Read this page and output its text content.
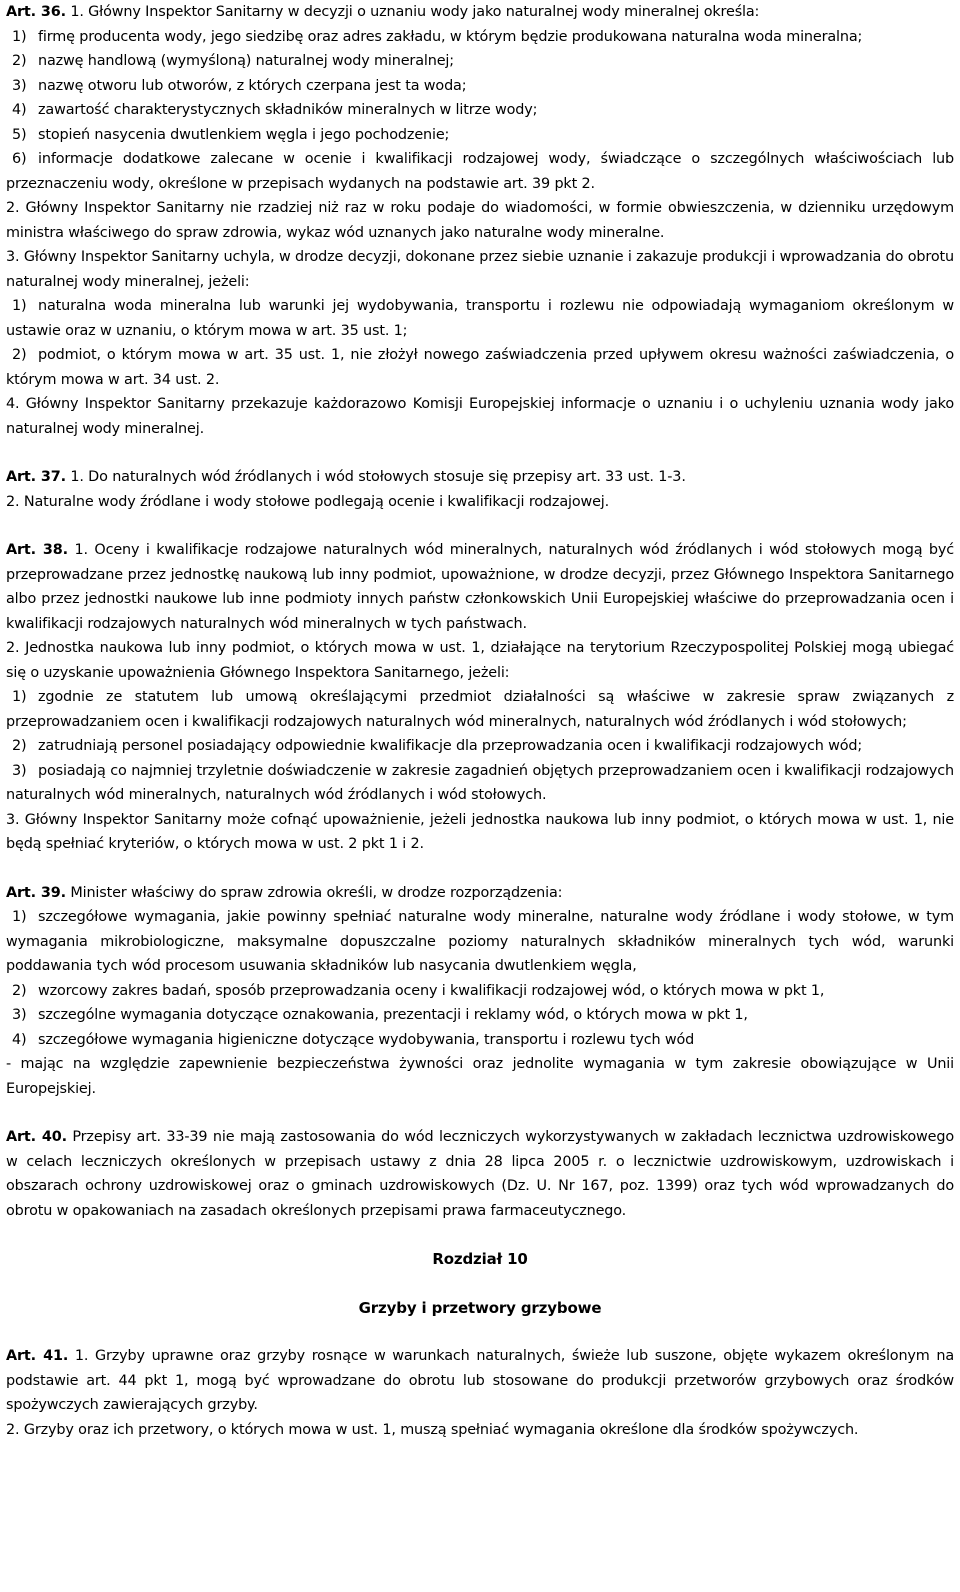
Art. 36. 1. Główny Inspektor Sanitarny w decyzji o uznaniu wody jako naturalnej wody mineralnej określa:

1) firmę producenta wody, jego siedzibę oraz adres zakładu, w którym będzie produkowana naturalna woda mineralna;

2) nazwę handlową (wymyśloną) naturalnej wody mineralnej;

3) nazwę otworu lub otworów, z których czerpana jest ta woda;

4) zawartość charakterystycznych składników mineralnych w litrze wody;

5) stopień nasycenia dwutlenkiem węgla i jego pochodzenie;

6) informacje dodatkowe zalecane w ocenie i kwalifikacji rodzajowej wody, świadczące o szczególnych właściwościach lub przeznaczeniu wody, określone w przepisach wydanych na podstawie art. 39 pkt 2.

2. Główny Inspektor Sanitarny nie rzadziej niż raz w roku podaje do wiadomości, w formie obwieszczenia, w dzienniku urzędowym ministra właściwego do spraw zdrowia, wykaz wód uznanych jako naturalne wody mineralne.

3. Główny Inspektor Sanitarny uchyla, w drodze decyzji, dokonane przez siebie uznanie i zakazuje produkcji i wprowadzania do obrotu naturalnej wody mineralnej, jeżeli:

1) naturalna woda mineralna lub warunki jej wydobywania, transportu i rozlewu nie odpowiadają wymaganiom określonym w ustawie oraz w uznaniu, o którym mowa w art. 35 ust. 1;

2) podmiot, o którym mowa w art. 35 ust. 1, nie złożył nowego zaświadczenia przed upływem okresu ważności zaświadczenia, o którym mowa w art. 34 ust. 2.

4. Główny Inspektor Sanitarny przekazuje każdorazowo Komisji Europejskiej informacje o uznaniu i o uchyleniu uznania wody jako naturalnej wody mineralnej.

Art. 37. 1. Do naturalnych wód źródlanych i wód stołowych stosuje się przepisy art. 33 ust. 1-3.

2. Naturalne wody źródlane i wody stołowe podlegają ocenie i kwalifikacji rodzajowej.

Art. 38. 1. Oceny i kwalifikacje rodzajowe naturalnych wód mineralnych, naturalnych wód źródlanych i wód stołowych mogą być przeprowadzane przez jednostkę naukową lub inny podmiot, upoważnione, w drodze decyzji, przez Głównego Inspektora Sanitarnego albo przez jednostki naukowe lub inne podmioty innych państw członkowskich Unii Europejskiej właściwe do przeprowadzania ocen i kwalifikacji rodzajowych naturalnych wód mineralnych w tych państwach.

2. Jednostka naukowa lub inny podmiot, o których mowa w ust. 1, działające na terytorium Rzeczypospolitej Polskiej mogą ubiegać się o uzyskanie upoważnienia Głównego Inspektora Sanitarnego, jeżeli:

1) zgodnie ze statutem lub umową określającymi przedmiot działalności są właściwe w zakresie spraw związanych z przeprowadzaniem ocen i kwalifikacji rodzajowych naturalnych wód mineralnych, naturalnych wód źródlanych i wód stołowych;

2) zatrudniają personel posiadający odpowiednie kwalifikacje dla przeprowadzania ocen i kwalifikacji rodzajowych wód;

3) posiadają co najmniej trzyletnie doświadczenie w zakresie zagadnień objętych przeprowadzaniem ocen i kwalifikacji rodzajowych naturalnych wód mineralnych, naturalnych wód źródlanych i wód stołowych.

3. Główny Inspektor Sanitarny może cofnąć upoważnienie, jeżeli jednostka naukowa lub inny podmiot, o których mowa w ust. 1, nie będą spełniać kryteriów, o których mowa w ust. 2 pkt 1 i 2.

Art. 39. Minister właściwy do spraw zdrowia określi, w drodze rozporządzenia:

1) szczegółowe wymagania, jakie powinny spełniać naturalne wody mineralne, naturalne wody źródlane i wody stołowe, w tym wymagania mikrobiologiczne, maksymalne dopuszczalne poziomy naturalnych składników mineralnych tych wód, warunki poddawania tych wód procesom usuwania składników lub nasycania dwutlenkiem węgla,

2) wzorcowy zakres badań, sposób przeprowadzania oceny i kwalifikacji rodzajowej wód, o których mowa w pkt 1,

3) szczególne wymagania dotyczące oznakowania, prezentacji i reklamy wód, o których mowa w pkt 1,

4) szczegółowe wymagania higieniczne dotyczące wydobywania, transportu i rozlewu tych wód

- mając na względzie zapewnienie bezpieczeństwa żywności oraz jednolite wymagania w tym zakresie obowiązujące w Unii Europejskiej.

Art. 40. Przepisy art. 33-39 nie mają zastosowania do wód leczniczych wykorzystywanych w zakładach lecznictwa uzdrowiskowego w celach leczniczych określonych w przepisach ustawy z dnia 28 lipca 2005 r. o lecznictwie uzdrowiskowym, uzdrowiskach i obszarach ochrony uzdrowiskowej oraz o gminach uzdrowiskowych (Dz. U. Nr 167, poz. 1399) oraz tych wód wprowadzanych do obrotu w opakowaniach na zasadach określonych przepisami prawa farmaceutycznego.

Rozdział 10

Grzyby i przetwory grzybowe

Art. 41. 1. Grzyby uprawne oraz grzyby rosnące w warunkach naturalnych, świeże lub suszone, objęte wykazem określonym na podstawie art. 44 pkt 1, mogą być wprowadzane do obrotu lub stosowane do produkcji przetworów grzybowych oraz środków spożywczych zawierających grzyby.

2. Grzyby oraz ich przetwory, o których mowa w ust. 1, muszą spełniać wymagania określone dla środków spożywczych.
